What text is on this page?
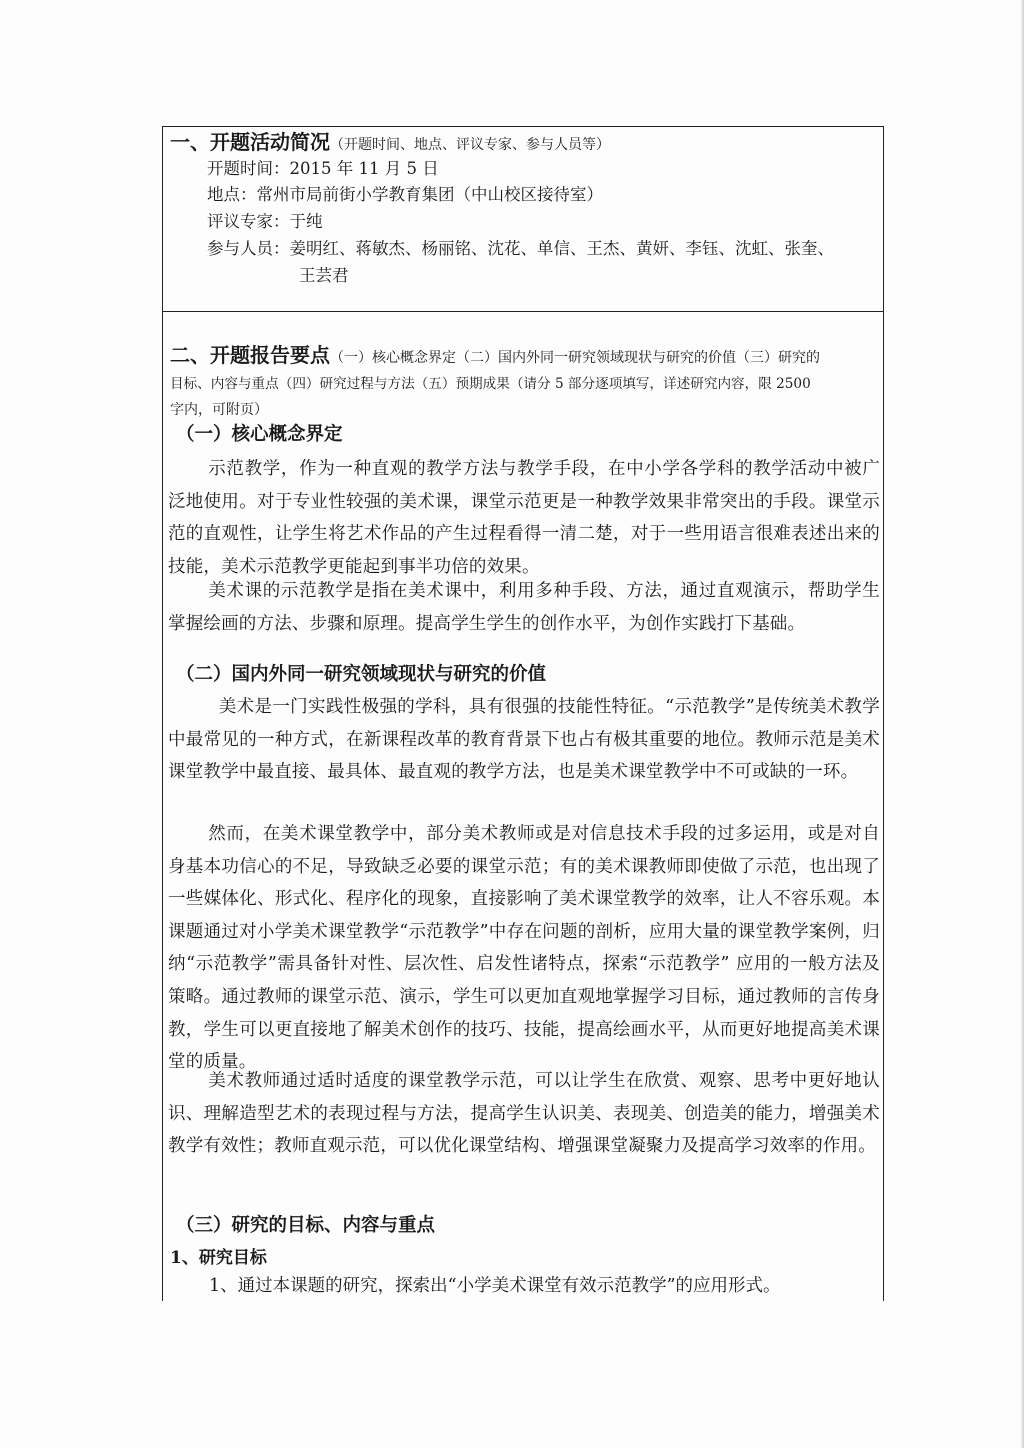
一、开题活动简况（开题时间、地点、评议专家、参与人员等）
开题时间：2015 年 11 月 5 日
地点：常州市局前街小学教育集团（中山校区接待室）
评议专家：于纯
参与人员：姜明红、蒋敏杰、杨丽铭、沈花、单信、王杰、黄妍、李钰、沈虹、张奎、
王芸君
二、开题报告要点（一）核心概念界定（二）国内外同一研究领域现状与研究的价值（三）研究的
目标、内容与重点（四）研究过程与方法（五）预期成果（请分 5 部分逐项填写，详述研究内容，限 2500
字内，可附页）
（一）核心概念界定
示范教学，作为一种直观的教学方法与教学手段，在中小学各学科的教学活动中被广泛地使用。对于专业性较强的美术课，课堂示范更是一种教学效果非常突出的手段。课堂示范的直观性，让学生将艺术作品的产生过程看得一清二楚，对于一些用语言很难表述出来的技能，美术示范教学更能起到事半功倍的效果。
美术课的示范教学是指在美术课中，利用多种手段、方法，通过直观演示，帮助学生掌握绘画的方法、步骤和原理。提高学生学生的创作水平，为创作实践打下基础。
（二）国内外同一研究领域现状与研究的价值
美术是一门实践性极强的学科，具有很强的技能性特征。“示范教学”是传统美术教学中最常见的一种方式，在新课程改革的教育背景下也占有极其重要的地位。教师示范是美术课堂教学中最直接、最具体、最直观的教学方法，也是美术课堂教学中不可或缺的一环。
然而，在美术课堂教学中，部分美术教师或是对信息技术手段的过多运用，或是对自身基本功信心的不足，导致缺乏必要的课堂示范；有的美术课教师即使做了示范，也出现了一些媒体化、形式化、程序化的现象，直接影响了美术课堂教学的效率，让人不容乐观。本课题通过对小学美术课堂教学“示范教学”中存在问题的剖析，应用大量的课堂教学案例，归纳“示范教学”需具备针对性、层次性、启发性诸特点，探索“示范教学” 应用的一般方法及策略。通过教师的课堂示范、演示，学生可以更加直观地掌握学习目标，通过教师的言传身教，学生可以更直接地了解美术创作的技巧、技能，提高绘画水平，从而更好地提高美术课堂的质量。
美术教师通过适时适度的课堂教学示范，可以让学生在欣赏、观察、思考中更好地认识、理解造型艺术的表现过程与方法，提高学生认识美、表现美、创造美的能力，增强美术教学有效性；教师直观示范，可以优化课堂结构、增强课堂凝聚力及提高学习效率的作用。
（三）研究的目标、内容与重点
1、研究目标
1、通过本课题的研究，探索出“小学美术课堂有效示范教学”的应用形式。
